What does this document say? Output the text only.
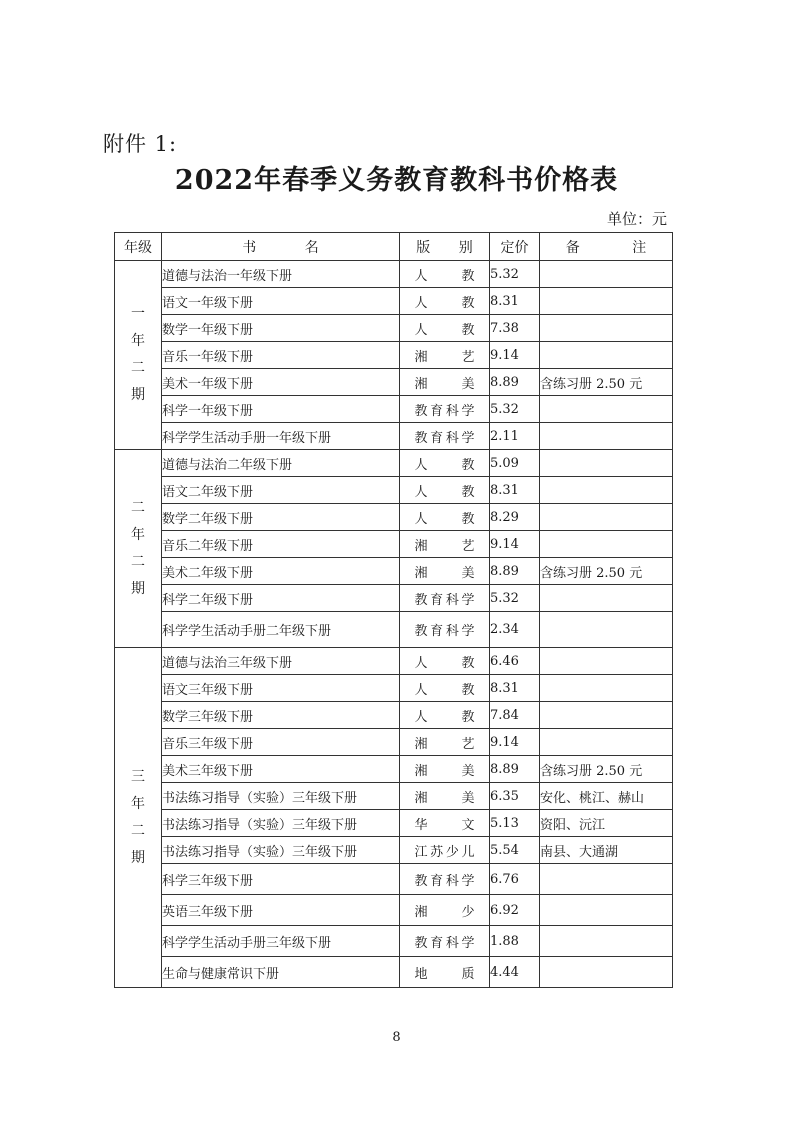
附件 1:
2022年春季义务教育教科书价格表
单位：元
年级	书 名	版 别	定价	备 注

一
年
二
期	道德与法治一年级下册	人教	5.32	
	语文一年级下册	人教	8.31	
	数学一年级下册	人教	7.38	
	音乐一年级下册	湘艺	9.14	
	美术一年级下册	湘美	8.89	含练习册 2.50 元
	科学一年级下册	教育科学	5.32	
	科学学生活动手册一年级下册	教育科学	2.11	

二
年
二
期	道德与法治二年级下册	人教	5.09	
	语文二年级下册	人教	8.31	
	数学二年级下册	人教	8.29	
	音乐二年级下册	湘艺	9.14	
	美术二年级下册	湘美	8.89	含练习册 2.50 元
	科学二年级下册	教育科学	5.32	
	科学学生活动手册二年级下册	教育科学	2.34	

三
年
二
期	道德与法治三年级下册	人教	6.46	
	语文三年级下册	人教	8.31	
	数学三年级下册	人教	7.84	
	音乐三年级下册	湘艺	9.14	
	美术三年级下册	湘美	8.89	含练习册 2.50 元
	书法练习指导（实验）三年级下册	湘美	6.35	安化、桃江、赫山
	书法练习指导（实验）三年级下册	华文	5.13	资阳、沅江
	书法练习指导（实验）三年级下册	江苏少儿	5.54	南县、大通湖
	科学三年级下册	教育科学	6.76	
	英语三年级下册	湘少	6.92	
	科学学生活动手册三年级下册	教育科学	1.88	
	生命与健康常识下册	地质	4.44	
8
